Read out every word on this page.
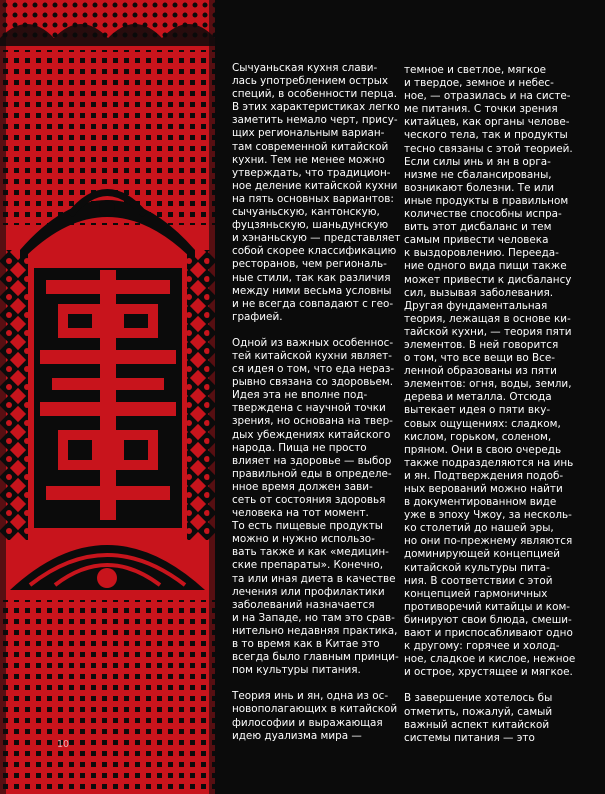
10

Сычуаньская кухня слави-

лась употреблением острых

специй, в особенности перца.

В этих характеристиках легко

заметить немало черт, прису-

щих региональным вариан-

там современной китайской

кухни. Тем не менее можно

утверждать, что традицион-

ное деление китайской кухни

на пять основных вариантов:

сычуаньскую, кантонскую,

фуцзяньскую, шаньдунскую

и хэнаньскую — представляет

собой скорее классификацию

ресторанов, чем региональ-

ные стили, так как различия

между ними весьма условны

и не всегда совпадают с гео-

графией.

Одной из важных особеннос-

тей китайской кухни являет-

ся идея о том, что еда нераз-

рывно связана со здоровьем.

Идея эта не вполне под-

тверждена с научной точки

зрения, но основана на твер-

дых убеждениях китайского

народа. Пища не просто

влияет на здоровье — выбор

правильной еды в определе-

нное время должен зави-

сеть от состояния здоровья

человека на тот момент.

То есть пищевые продукты

можно и нужно использо-

вать также и как «медицин-

ские препараты». Конечно,

та или иная диета в качестве

лечения или профилактики

заболеваний назначается

и на Западе, но там это срав-

нительно недавняя практика,

в то время как в Китае это

всегда было главным принци-

пом культуры питания.

Теория инь и ян, одна из ос-

новополагающих в китайской

философии и выражающая

идею дуализма мира —

темное и светлое, мягкое

и твердое, земное и небес-

ное, — отразилась и на систе-

ме питания. С точки зрения

китайцев, как органы челове-

ческого тела, так и продукты

тесно связаны с этой теорией.

Если силы инь и ян в орга-

низме не сбалансированы,

возникают болезни. Те или

иные продукты в правильном

количестве способны испра-

вить этот дисбаланс и тем

самым привести человека

к выздоровлению. Переедa-

ние одного вида пищи также

может привести к дисбалансу

сил, вызывая заболевания.

Другая фундаментальная

теория, лежащая в основе ки-

тайской кухни, — теория пяти

элементов. В ней говорится

о том, что все вещи во Все-

ленной образованы из пяти

элементов: огня, воды, земли,

дерева и металла. Отсюда

вытекает идея о пяти вку-

совых ощущениях: сладком,

кислом, горьком, соленом,

пряном. Они в свою очередь

также подразделяются на инь

и ян. Подтверждения подоб-

ных верований можно найти

в документированном виде

уже в эпоху Чжоу, за несколь-

ко столетий до нашей эры,

но они по-прежнему являются

доминирующей концепцией

китайской культуры пита-

ния. В соответствии с этой

концепцией гармоничных

противоречий китайцы и ком-

бинируют свои блюда, смеши-

вают и приспосабливают одно

к другому: горячее и холод-

ное, сладкое и кислое, нежное

и острое, хрустящее и мягкое.

В завершение хотелось бы

отметить, пожалуй, самый

важный аспект китайской

системы питания — это
